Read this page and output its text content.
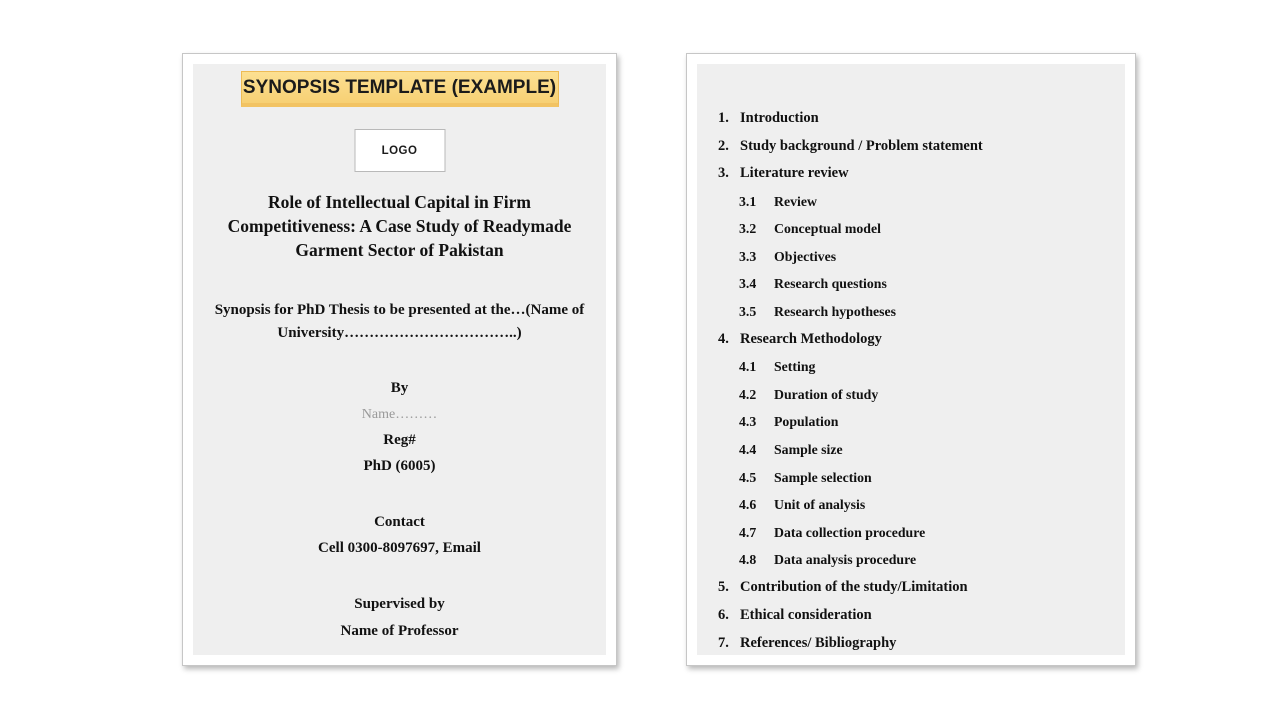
SYNOPSIS TEMPLATE (EXAMPLE)
LOGO
Role of Intellectual Capital in Firm Competitiveness: A Case Study of Readymade Garment Sector of Pakistan
Synopsis for PhD Thesis to be presented at the…(Name of University……………………………..)
By
Name………
Reg#
PhD (6005)
Contact
Cell 0300-8097697, Email
Supervised by
Name of Professor
1. Introduction
2. Study background / Problem statement
3. Literature review
3.1	Review
3.2	Conceptual model
3.3	Objectives
3.4	Research questions
3.5	Research hypotheses
4. Research Methodology
4.1	Setting
4.2	Duration of study
4.3	Population
4.4	Sample size
4.5	Sample selection
4.6	Unit of analysis
4.7	Data collection procedure
4.8	Data analysis procedure
5. Contribution of the study/Limitation
6. Ethical consideration
7. References/ Bibliography
